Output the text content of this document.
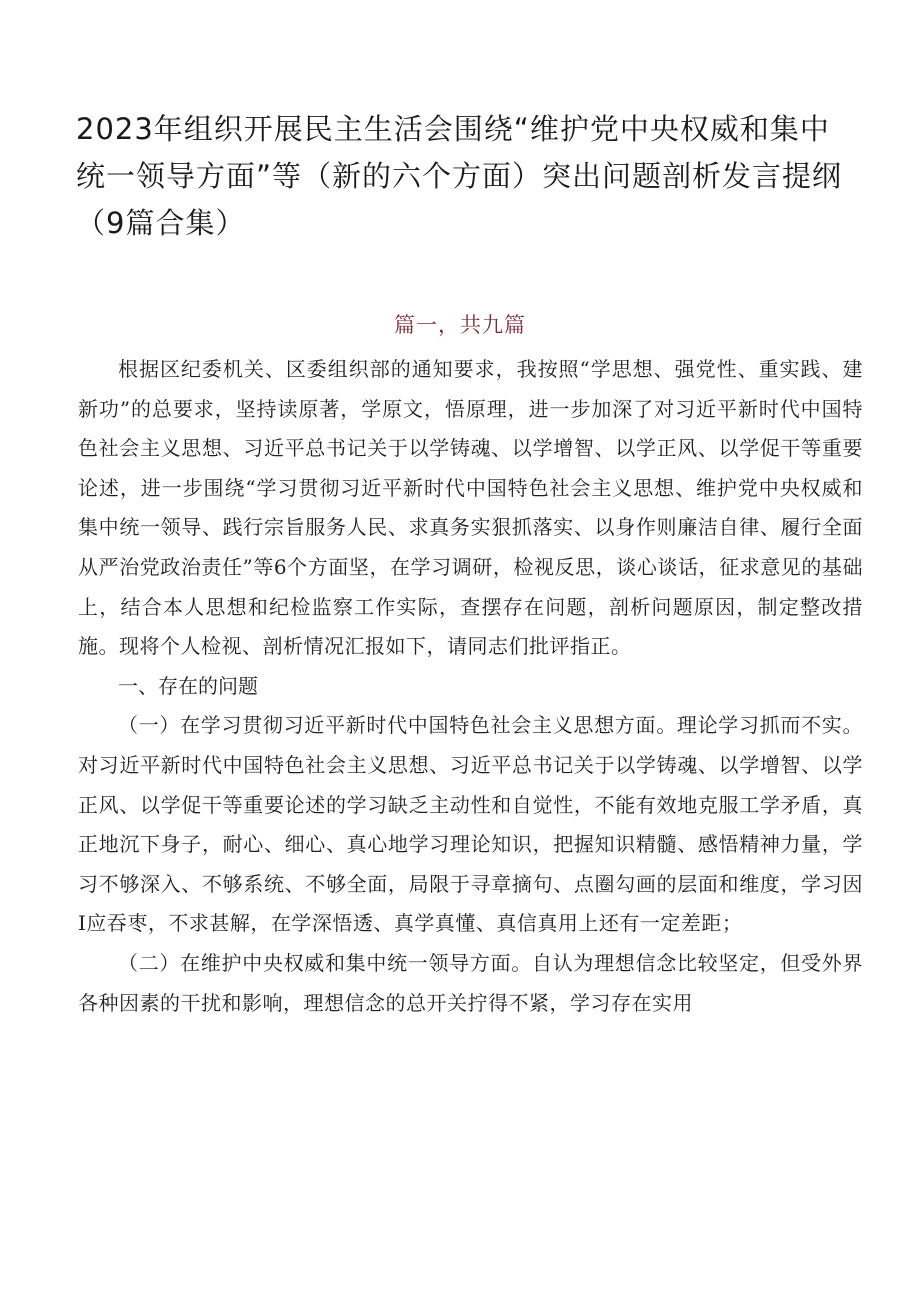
2023年组织开展民主生活会围绕“维护党中央权威和集中统一领导方面”等（新的六个方面）突出问题剖析发言提纲（9篇合集）
篇一，共九篇

根据区纪委机关、区委组织部的通知要求，我按照“学思想、强党性、重实践、建新功”的总要求，坚持读原著，学原文，悟原理，进一步加深了对习近平新时代中国特色社会主义思想、习近平总书记关于以学铸魂、以学增智、以学正风、以学促干等重要论述，进一步围绕“学习贯彻习近平新时代中国特色社会主义思想、维护党中央权威和集中统一领导、践行宗旨服务人民、求真务实狠抓落实、以身作则廉洁自律、履行全面从严治党政治责任”等6个方面坚，在学习调研，检视反思，谈心谈话，征求意见的基础上，结合本人思想和纪检监察工作实际，查摆存在问题，剖析问题原因，制定整改措施。现将个人检视、剖析情况汇报如下，请同志们批评指正。

一、存在的问题

（一）在学习贯彻习近平新时代中国特色社会主义思想方面。理论学习抓而不实。对习近平新时代中国特色社会主义思想、习近平总书记关于以学铸魂、以学增智、以学正风、以学促干等重要论述的学习缺乏主动性和自觉性，不能有效地克服工学矛盾，真正地沉下身子，耐心、细心、真心地学习理论知识，把握知识精髓、感悟精神力量，学习不够深入、不够系统、不够全面，局限于寻章摘句、点圈勾画的层面和维度，学习因I应吞枣，不求甚解，在学深悟透、真学真懂、真信真用上还有一定差距；

（二）在维护中央权威和集中统一领导方面。自认为理想信念比较坚定，但受外界各种因素的干扰和影响，理想信念的总开关拧得不紧，学习存在实用
